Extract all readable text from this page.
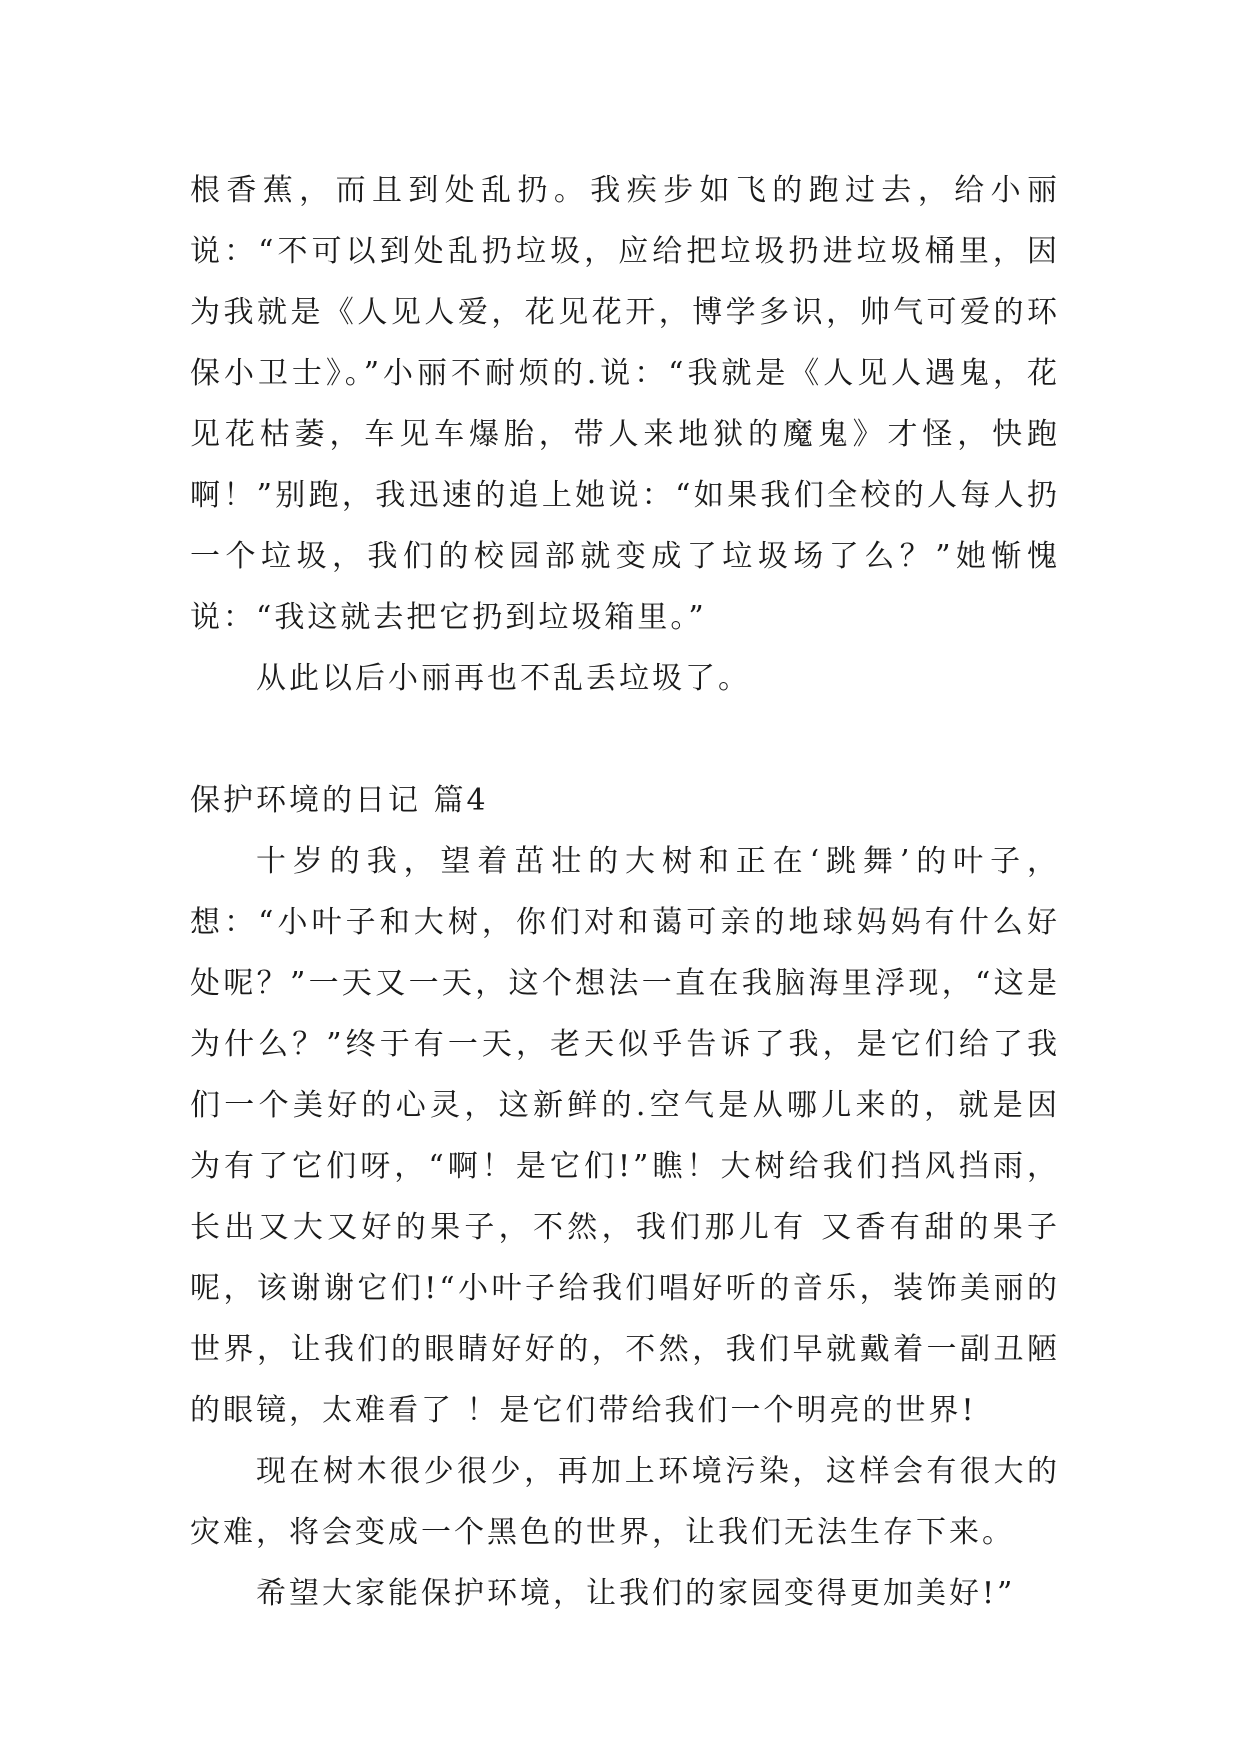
根香蕉，而且到处乱扔。我疾步如飞的跑过去，给小丽说：“不可以到处乱扔垃圾，应给把垃圾扔进垃圾桶里，因为我就是《人见人爱，花见花开，博学多识，帅气可爱的环保小卫士》。”小丽不耐烦的.说：“我就是《人见人遇鬼，花见花枯萎，车见车爆胎，带人来地狱的魔鬼》才怪，快跑啊！”别跑，我迅速的追上她说：“如果我们全校的人每人扔一个垃圾，我们的校园部就变成了垃圾场了么？”她惭愧说：“我这就去把它扔到垃圾箱里。”

从此以后小丽再也不乱丢垃圾了。

保护环境的日记 篇4

十岁的我，望着茁壮的大树和正在‘跳舞’的叶子，想：“小叶子和大树，你们对和蔼可亲的地球妈妈有什么好处呢？”一天又一天，这个想法一直在我脑海里浮现，“这是为什么？”终于有一天，老天似乎告诉了我，是它们给了我们一个美好的心灵，这新鲜的.空气是从哪儿来的，就是因为有了它们呀，“啊！是它们!”瞧！大树给我们挡风挡雨，长出又大又好的果子，不然，我们那儿有 又香有甜的果子呢，该谢谢它们!“小叶子给我们唱好听的音乐，装饰美丽的世界，让我们的眼睛好好的，不然，我们早就戴着一副丑陋的眼镜，太难看了 ！是它们带给我们一个明亮的世界!

现在树木很少很少，再加上环境污染，这样会有很大的灾难，将会变成一个黑色的世界，让我们无法生存下来。

希望大家能保护环境，让我们的家园变得更加美好!”
